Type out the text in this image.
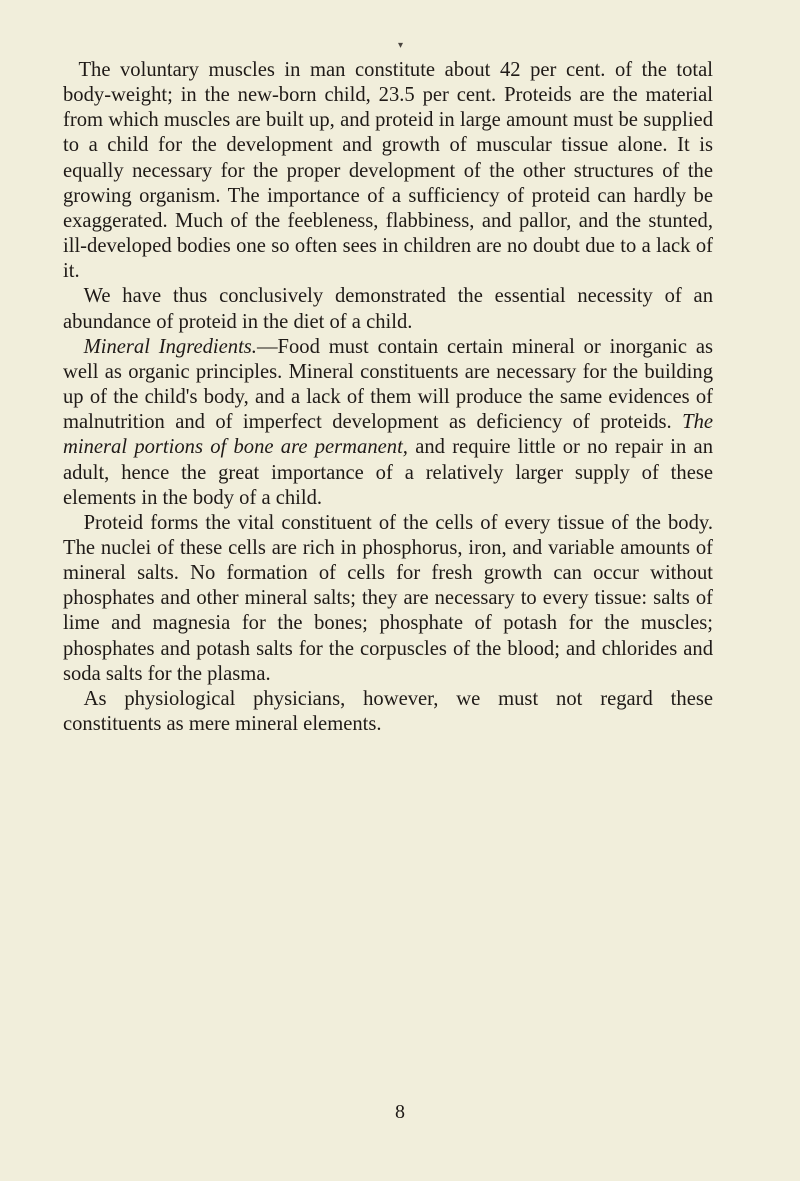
▾

The voluntary muscles in man constitute about 42 per cent. of the total body-weight; in the new-born child, 23.5 per cent. Proteids are the material from which muscles are built up, and proteid in large amount must be supplied to a child for the development and growth of muscular tissue alone. It is equally necessary for the proper development of the other structures of the growing organism. The importance of a sufficiency of proteid can hardly be exaggerated. Much of the feebleness, flabbiness, and pallor, and the stunted, ill-developed bodies one so often sees in children are no doubt due to a lack of it.

We have thus conclusively demonstrated the essential necessity of an abundance of proteid in the diet of a child.

Mineral Ingredients.—Food must contain certain mineral or inorganic as well as organic principles. Mineral constituents are necessary for the building up of the child's body, and a lack of them will produce the same evidences of malnutrition and of imperfect development as deficiency of proteids. The mineral portions of bone are permanent, and require little or no repair in an adult, hence the great importance of a relatively larger supply of these elements in the body of a child.

Proteid forms the vital constituent of the cells of every tissue of the body. The nuclei of these cells are rich in phosphorus, iron, and variable amounts of mineral salts. No formation of cells for fresh growth can occur without phosphates and other mineral salts; they are necessary to every tissue: salts of lime and magnesia for the bones; phosphate of potash for the muscles; phosphates and potash salts for the corpuscles of the blood; and chlorides and soda salts for the plasma.

As physiological physicians, however, we must not regard these constituents as mere mineral elements.

8
